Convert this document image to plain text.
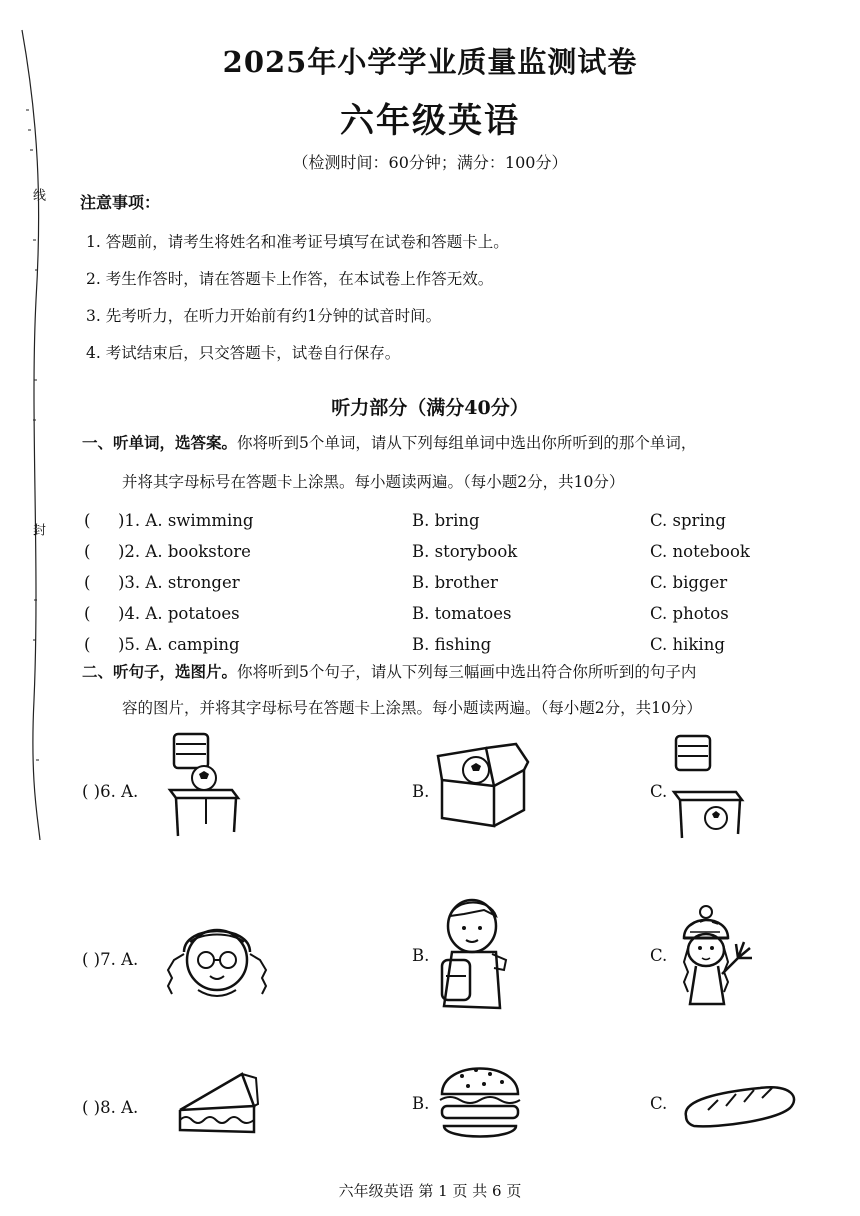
线
封
2025年小学学业质量监测试卷
六年级英语
（检测时间：60分钟；满分：100分）
注意事项：
1. 答题前，请考生将姓名和准考证号填写在试卷和答题卡上。
2. 考生作答时，请在答题卡上作答，在本试卷上作答无效。
3. 先考听力，在听力开始前有约1分钟的试音时间。
4. 考试结束后，只交答题卡，试卷自行保存。
听力部分（满分40分）
一、听单词，选答案。你将听到5个单词，请从下列每组单词中选出你所听到的那个单词，
并将其字母标号在答题卡上涂黑。每小题读两遍。（每小题2分，共10分）
( )1. A. swimming	B. bring	C. spring
( )2. A. bookstore	B. storybook	C. notebook
( )3. A. stronger	B. brother	C. bigger
( )4. A. potatoes	B. tomatoes	C. photos
( )5. A. camping	B. fishing	C. hiking
二、听句子，选图片。你将听到5个句子，请从下列每三幅画中选出符合你所听到的句子内
容的图片，并将其字母标号在答题卡上涂黑。每小题读两遍。（每小题2分，共10分）
( )6. A.	B.	C.
( )7. A.	B.	C.
( )8. A.	B.	C.
六年级英语 第 1 页 共 6 页
